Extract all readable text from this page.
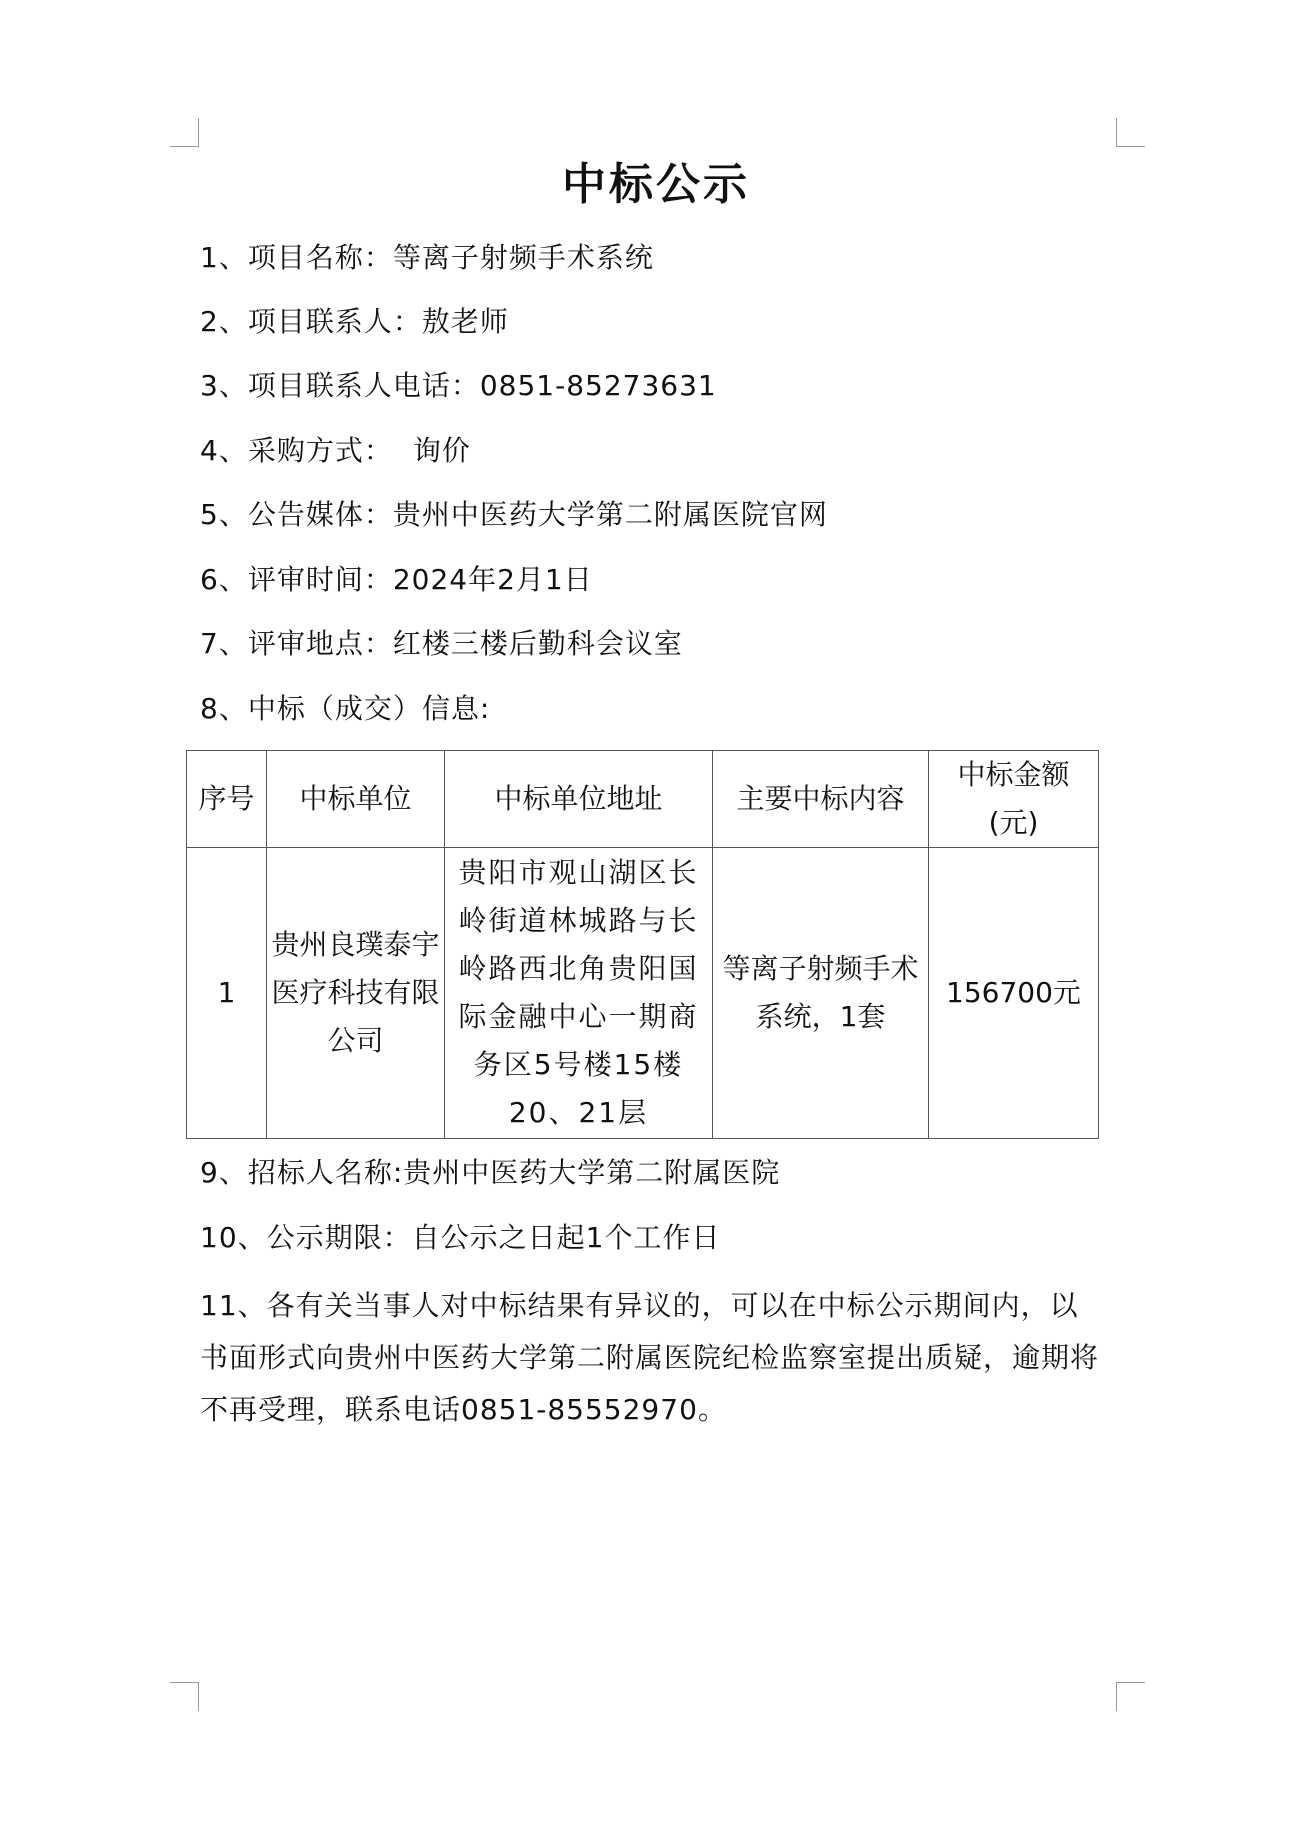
中标公示
1、项目名称：等离子射频手术系统
2、项目联系人：敖老师
3、项目联系人电话：0851-85273631
4、采购方式： 询价
5、公告媒体：贵州中医药大学第二附属医院官网
6、评审时间：2024年2月1日
7、评审地点：红楼三楼后勤科会议室
8、中标（成交）信息:
序号	中标单位	中标单位地址	主要中标内容	中标金额(元)
1	贵州良璞泰宇医疗科技有限公司	贵阳市观山湖区长岭街道林城路与长岭路西北角贵阳国际金融中心一期商务区5号楼15楼20、21层	等离子射频手术系统，1套	156700元
9、招标人名称:贵州中医药大学第二附属医院
10、公示期限：自公示之日起1个工作日
11、各有关当事人对中标结果有异议的，可以在中标公示期间内，以书面形式向贵州中医药大学第二附属医院纪检监察室提出质疑，逾期将不再受理，联系电话0851-85552970。
